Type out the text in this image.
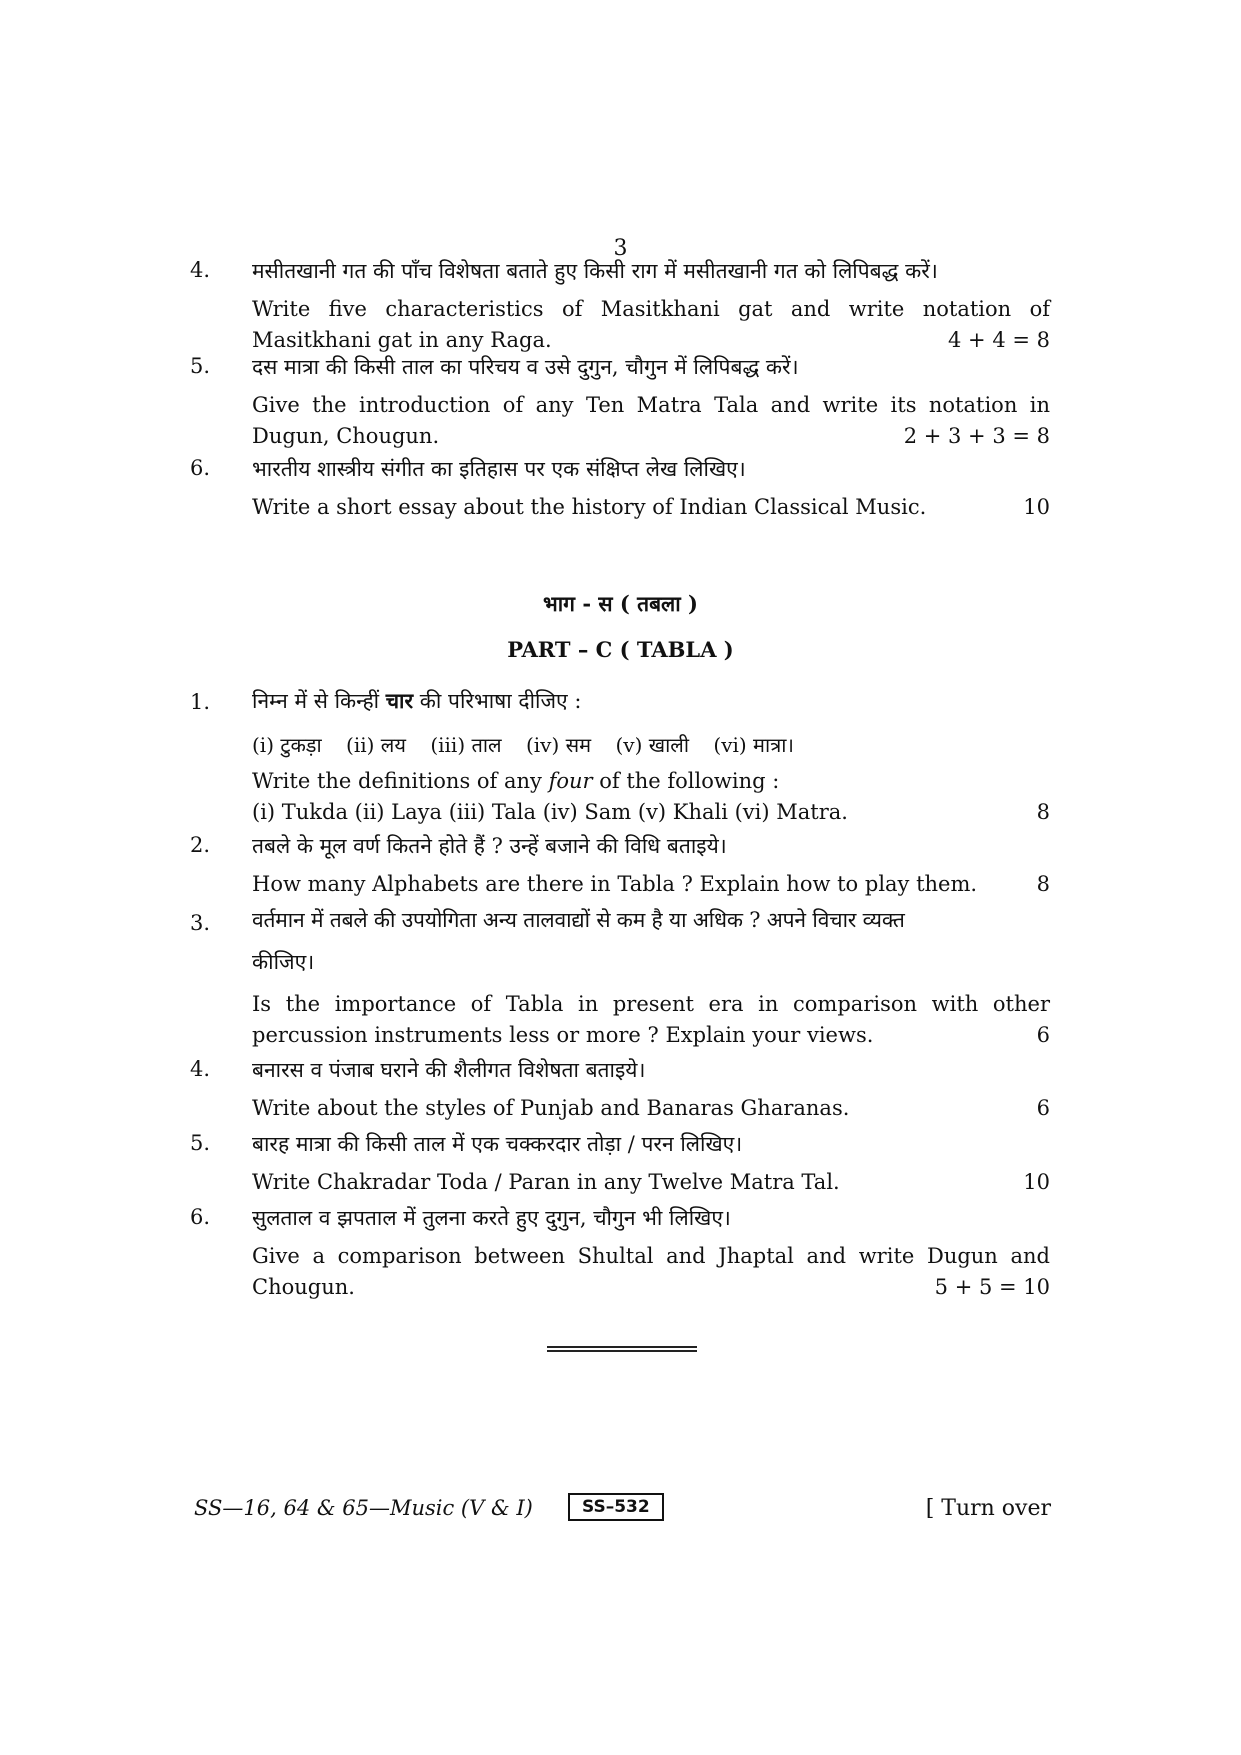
3
4. मसीतखानी गत की पाँच विशेषता बताते हुए किसी राग में मसीतखानी गत को लिपिबद्ध करें।

Write five characteristics of Masitkhani gat and write notation of

Masitkhani gat in any Raga.	4 + 4 = 8
5. दस मात्रा की किसी ताल का परिचय व उसे दुगुन, चौगुन में लिपिबद्ध करें।

Give the introduction of any Ten Matra Tala and write its notation in

Dugun, Chougun.	2 + 3 + 3 = 8
6. भारतीय शास्त्रीय संगीत का इतिहास पर एक संक्षिप्त लेख लिखिए।

Write a short essay about the history of Indian Classical Music.	10
भाग - स ( तबला )
PART – C ( TABLA )
1. निम्न में से किन्हीं चार की परिभाषा दीजिए :

(i) टुकड़ा (ii) लय (iii) ताल (iv) सम (v) खाली (vi) मात्रा।

Write the definitions of any four of the following :

(i) Tukda (ii) Laya (iii) Tala (iv) Sam (v) Khali (vi) Matra.	8
2. तबले के मूल वर्ण कितने होते हैं ? उन्हें बजाने की विधि बताइये।

How many Alphabets are there in Tabla ? Explain how to play them.	8
3. वर्तमान में तबले की उपयोगिता अन्य तालवाद्यों से कम है या अधिक ? अपने विचार व्यक्त

कीजिए।

Is the importance of Tabla in present era in comparison with other

percussion instruments less or more ? Explain your views.	6
4. बनारस व पंजाब घराने की शैलीगत विशेषता बताइये।

Write about the styles of Punjab and Banaras Gharanas.	6
5. बारह मात्रा की किसी ताल में एक चक्करदार तोड़ा / परन लिखिए।

Write Chakradar Toda / Paran in any Twelve Matra Tal.	10
6. सुलताल व झपताल में तुलना करते हुए दुगुन, चौगुन भी लिखिए।

Give a comparison between Shultal and Jhaptal and write Dugun and

Chougun.	5 + 5 = 10
SS—16, 64 & 65—Music (V & I)	SS–532	[ Turn over
